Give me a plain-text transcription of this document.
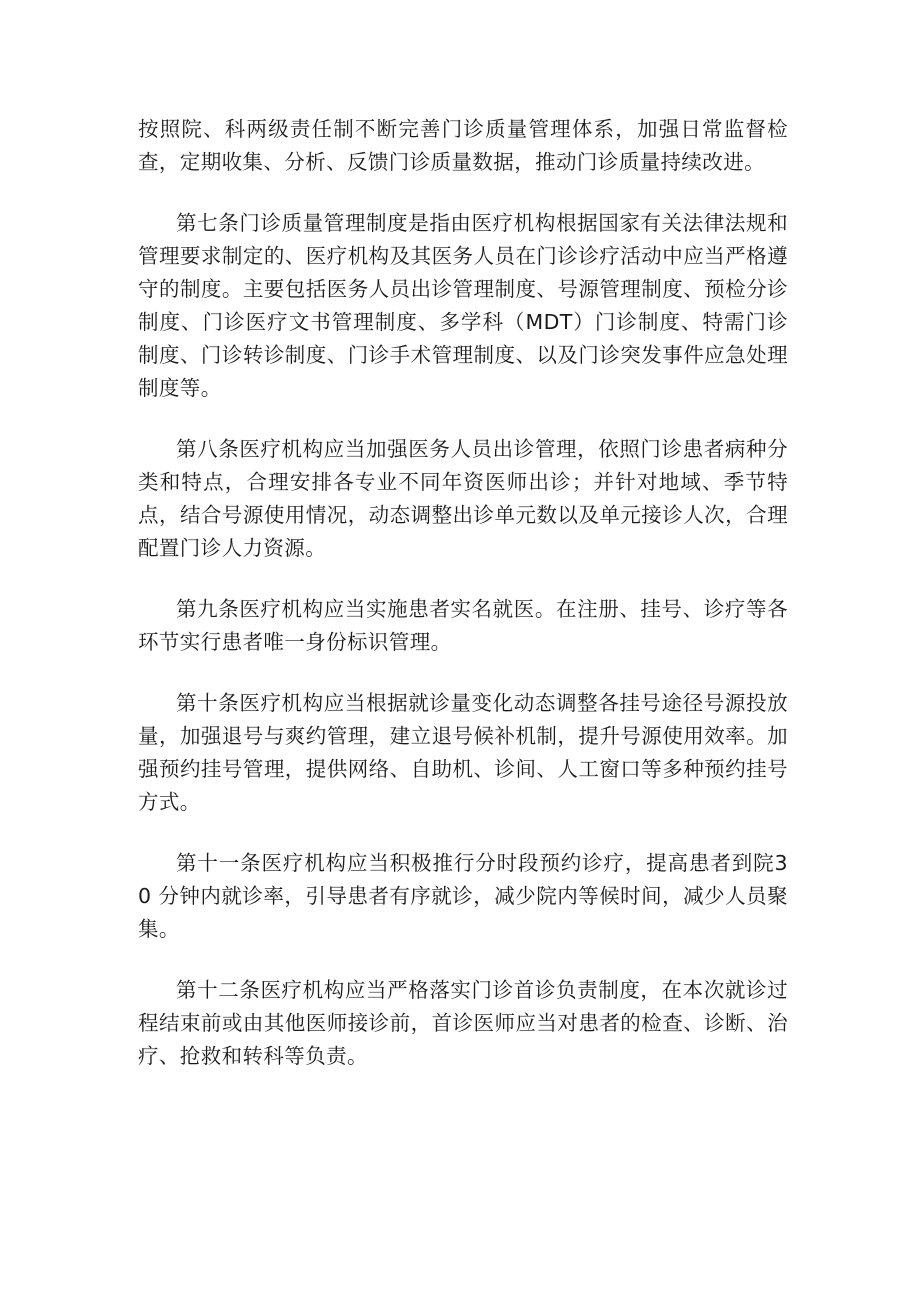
按照院、科两级责任制不断完善门诊质量管理体系，加强日常监督检查，定期收集、分析、反馈门诊质量数据，推动门诊质量持续改进。

第七条门诊质量管理制度是指由医疗机构根据国家有关法律法规和管理要求制定的、医疗机构及其医务人员在门诊诊疗活动中应当严格遵守的制度。主要包括医务人员出诊管理制度、号源管理制度、预检分诊制度、门诊医疗文书管理制度、多学科（MDT）门诊制度、特需门诊制度、门诊转诊制度、门诊手术管理制度、以及门诊突发事件应急处理制度等。

第八条医疗机构应当加强医务人员出诊管理，依照门诊患者病种分类和特点，合理安排各专业不同年资医师出诊；并针对地域、季节特点，结合号源使用情况，动态调整出诊单元数以及单元接诊人次，合理配置门诊人力资源。

第九条医疗机构应当实施患者实名就医。在注册、挂号、诊疗等各环节实行患者唯一身份标识管理。

第十条医疗机构应当根据就诊量变化动态调整各挂号途径号源投放量，加强退号与爽约管理，建立退号候补机制，提升号源使用效率。加强预约挂号管理，提供网络、自助机、诊间、人工窗口等多种预约挂号方式。

第十一条医疗机构应当积极推行分时段预约诊疗，提高患者到院30 分钟内就诊率，引导患者有序就诊，减少院内等候时间，减少人员聚集。

第十二条医疗机构应当严格落实门诊首诊负责制度，在本次就诊过程结束前或由其他医师接诊前，首诊医师应当对患者的检查、诊断、治疗、抢救和转科等负责。
